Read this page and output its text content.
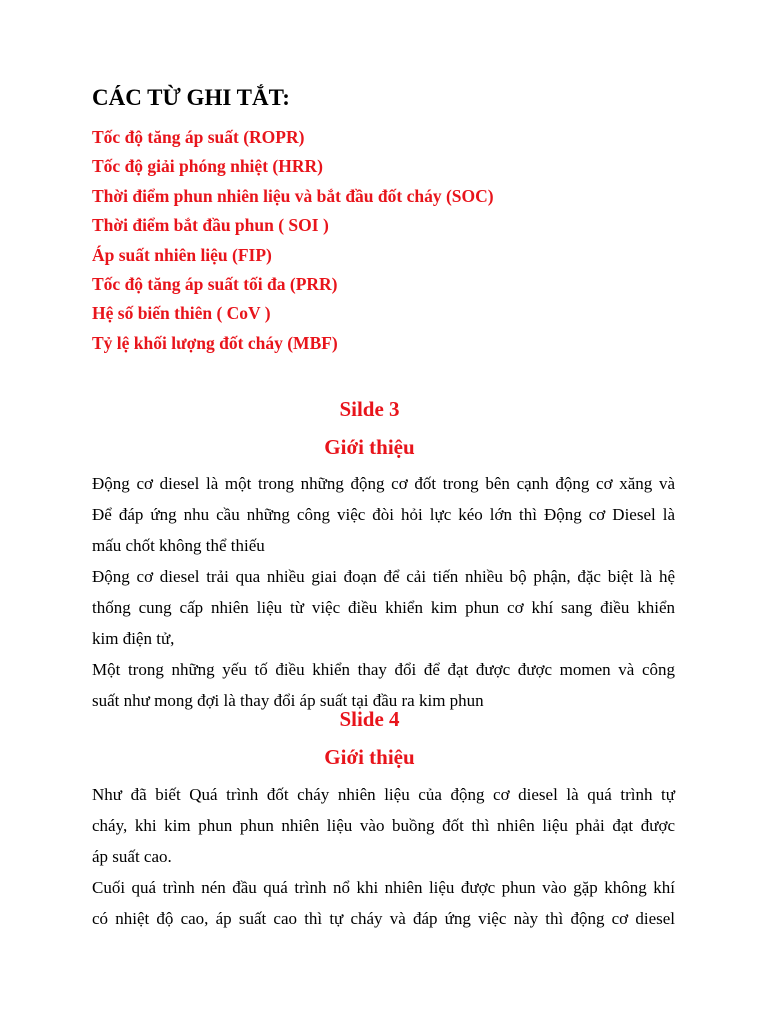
CÁC TỪ GHI TẮT:
Tốc độ tăng áp suất (ROPR)
Tốc độ giải phóng nhiệt (HRR)
Thời điểm phun nhiên liệu và bắt đầu đốt cháy (SOC)
Thời điểm bắt đầu phun ( SOI )
Áp suất nhiên liệu (FIP)
Tốc độ tăng áp suất tối đa (PRR)
Hệ số biến thiên ( CoV )
Tỷ lệ khối lượng đốt cháy (MBF)
Silde 3
Giới thiệu
Động cơ diesel là một trong những động cơ đốt trong bên cạnh động cơ xăng và
Để đáp ứng nhu cầu những công việc đòi hỏi lực kéo lớn thì Động cơ Diesel là
mấu chốt không thể thiếu
Động cơ diesel trải qua nhiều giai đoạn để cải tiến nhiều bộ phận, đặc biệt là hệ
thống cung cấp nhiên liệu từ việc điều khiển kim phun cơ khí sang điều khiển
kim điện tử,
Một trong những yếu tố điều khiển thay đổi để đạt được được momen và công
suất như mong đợi là thay đổi áp suất tại đầu ra kim phun
Slide 4
Giới thiệu
Như đã biết Quá trình đốt cháy nhiên liệu của động cơ diesel là quá trình tự
cháy, khi kim phun phun nhiên liệu vào buồng đốt thì nhiên liệu phải đạt được
áp suất cao.
Cuối quá trình nén đầu quá trình nổ khi nhiên liệu được phun vào gặp không khí
có nhiệt độ cao, áp suất cao thì tự cháy và đáp ứng việc này thì động cơ diesel
